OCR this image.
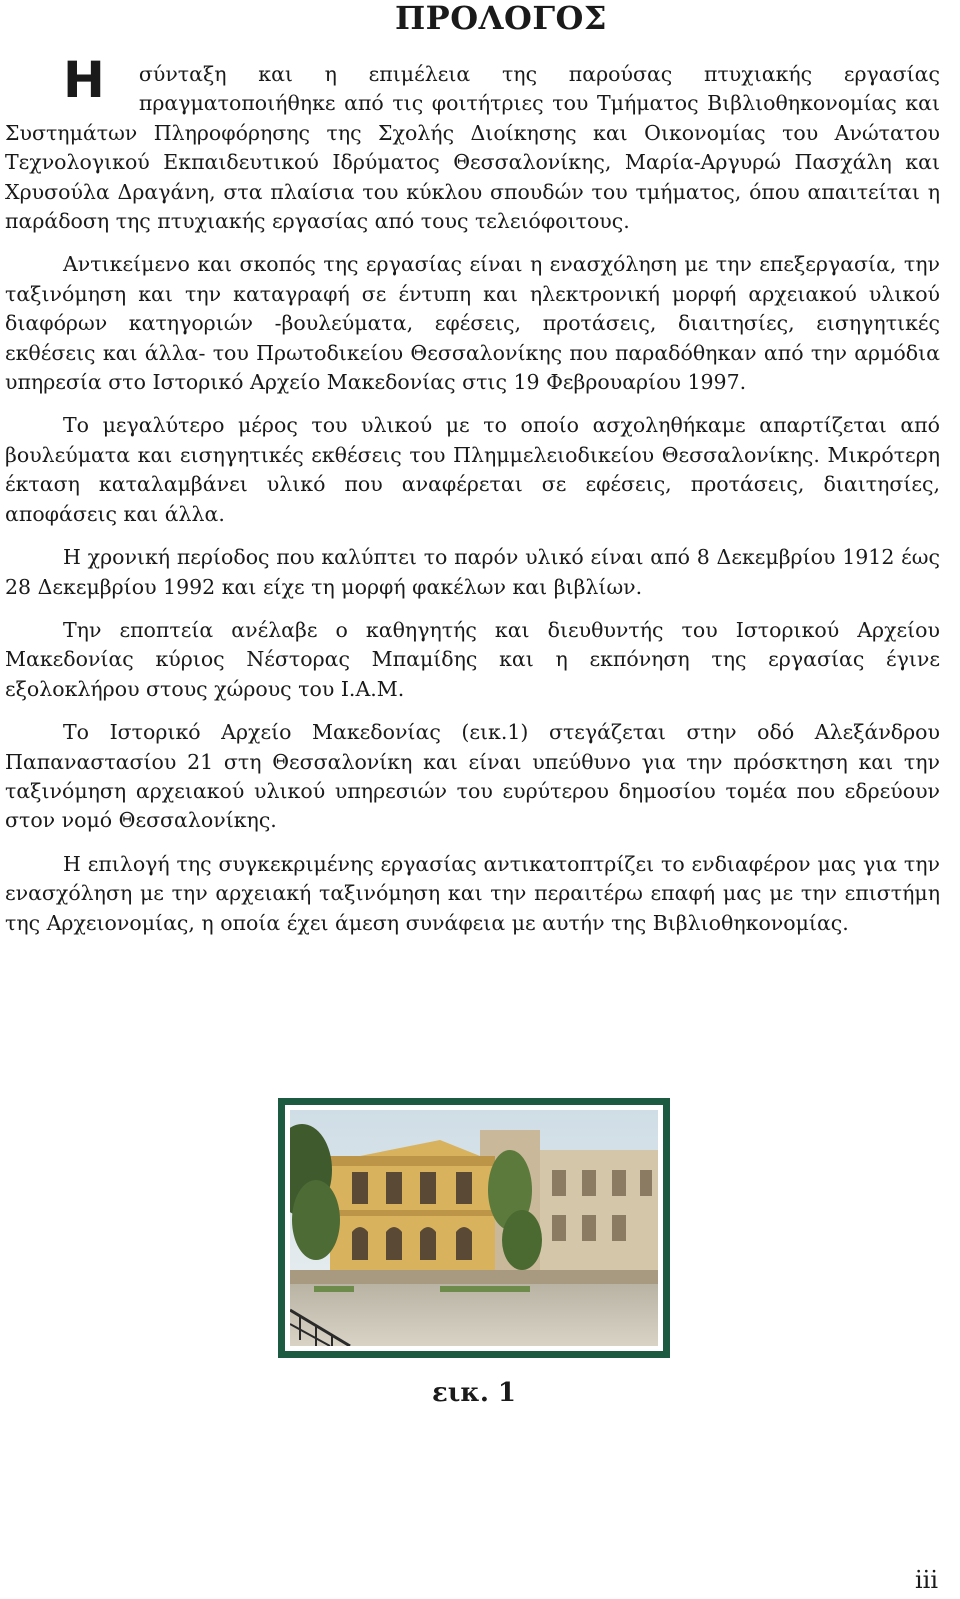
ΠΡΟΛΟΓΟΣ

Η σύνταξη και η επιμέλεια της παρούσας πτυχιακής εργασίας πραγματοποιήθηκε από τις φοιτήτριες του Τμήματος Βιβλιοθηκονομίας και Συστημάτων Πληροφόρησης της Σχολής Διοίκησης και Οικονομίας του Ανώτατου Τεχνολογικού Εκπαιδευτικού Ιδρύματος Θεσσαλονίκης, Μαρία-Αργυρώ Πασχάλη και Χρυσούλα Δραγάνη, στα πλαίσια του κύκλου σπουδών του τμήματος, όπου απαιτείται η παράδοση της πτυχιακής εργασίας από τους τελειόφοιτους.

Αντικείμενο και σκοπός της εργασίας είναι η ενασχόληση με την επεξεργασία, την ταξινόμηση και την καταγραφή σε έντυπη και ηλεκτρονική μορφή αρχειακού υλικού διαφόρων κατηγοριών -βουλεύματα, εφέσεις, προτάσεις, διαιτησίες, εισηγητικές εκθέσεις και άλλα- του Πρωτοδικείου Θεσσαλονίκης που παραδόθηκαν από την αρμόδια υπηρεσία στο Ιστορικό Αρχείο Μακεδονίας στις 19 Φεβρουαρίου 1997.

Το μεγαλύτερο μέρος του υλικού με το οποίο ασχοληθήκαμε απαρτίζεται από βουλεύματα και εισηγητικές εκθέσεις του Πλημμελειοδικείου Θεσσαλονίκης. Μικρότερη έκταση καταλαμβάνει υλικό που αναφέρεται σε εφέσεις, προτάσεις, διαιτησίες, αποφάσεις και άλλα.

Η χρονική περίοδος που καλύπτει το παρόν υλικό είναι από 8 Δεκεμβρίου 1912 έως 28 Δεκεμβρίου 1992 και είχε τη μορφή φακέλων και βιβλίων.

Την εποπτεία ανέλαβε ο καθηγητής και διευθυντής του Ιστορικού Αρχείου Μακεδονίας κύριος Νέστορας Μπαμίδης και η εκπόνηση της εργασίας έγινε εξολοκλήρου στους χώρους του Ι.Α.Μ.

Το Ιστορικό Αρχείο Μακεδονίας (εικ.1) στεγάζεται στην οδό Αλεξάνδρου Παπαναστασίου 21 στη Θεσσαλονίκη και είναι υπεύθυνο για την πρόσκτηση και την ταξινόμηση αρχειακού υλικού υπηρεσιών του ευρύτερου δημοσίου τομέα που εδρεύουν στον νομό Θεσσαλονίκης.

Η επιλογή της συγκεκριμένης εργασίας αντικατοπτρίζει το ενδιαφέρον μας για την ενασχόληση με την αρχειακή ταξινόμηση και την περαιτέρω επαφή μας με την επιστήμη της Αρχειονομίας, η οποία έχει άμεση συνάφεια με αυτήν της Βιβλιοθηκονομίας.

εικ. 1
iii
